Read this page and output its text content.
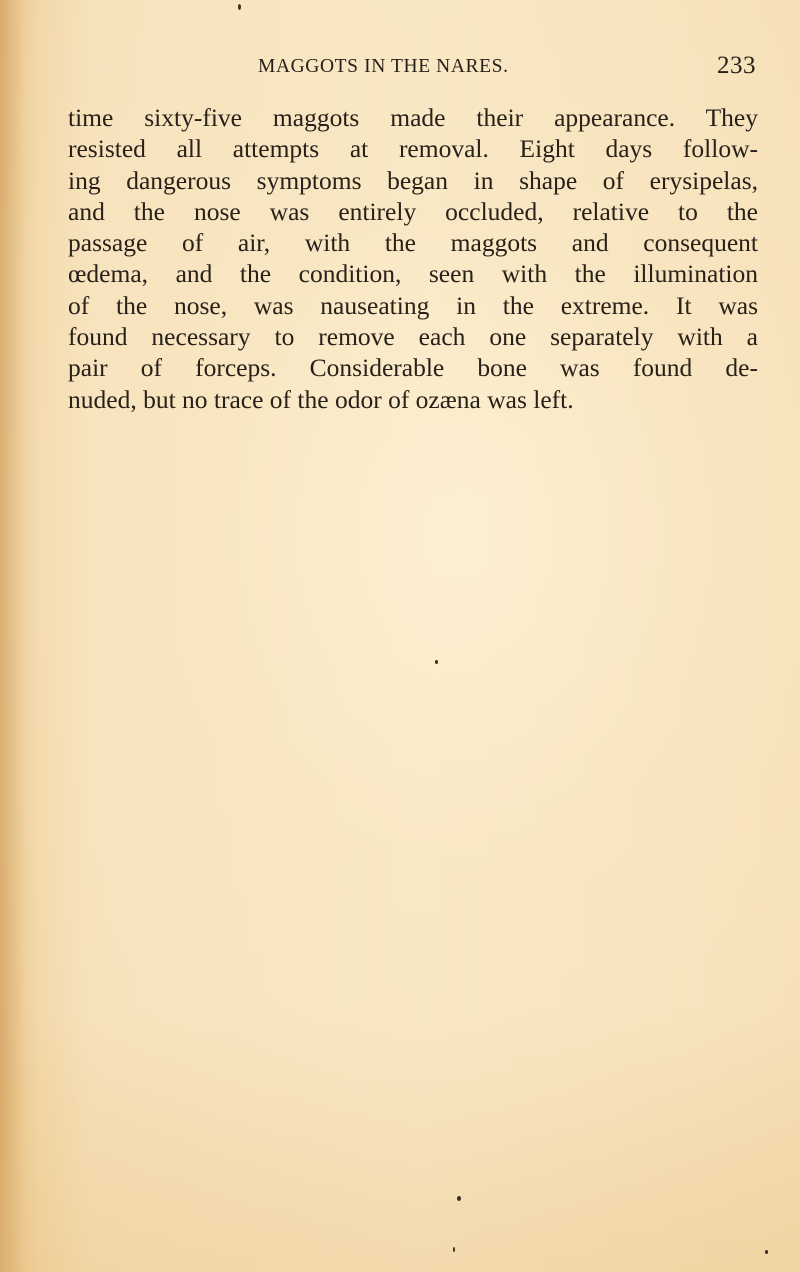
MAGGOTS IN THE NARES.	233
time sixty-five maggots made their appearance. They
resisted all attempts at removal. Eight days follow-
ing dangerous symptoms began in shape of erysipelas,
and the nose was entirely occluded, relative to the
passage of air, with the maggots and consequent
œdema, and the condition, seen with the illumination
of the nose, was nauseating in the extreme. It was
found necessary to remove each one separately with a
pair of forceps. Considerable bone was found de-
nuded, but no trace of the odor of ozæna was left.
